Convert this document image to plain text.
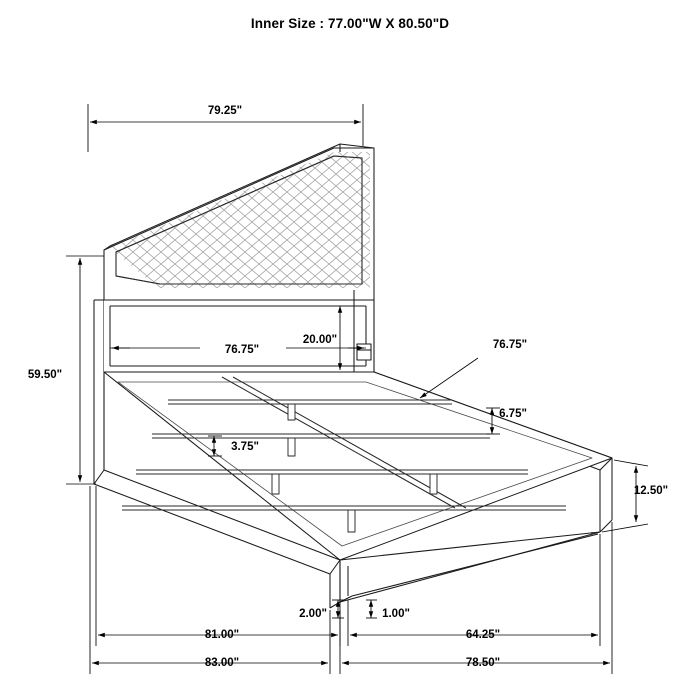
Inner Size : 77.00"W X 80.50"D
79.25"
20.00"
76.75"	76.75"
59.50"
3.75"
6.75"
12.50"
2.00"	1.00"
81.00"
83.00"
64.25"
78.50"
